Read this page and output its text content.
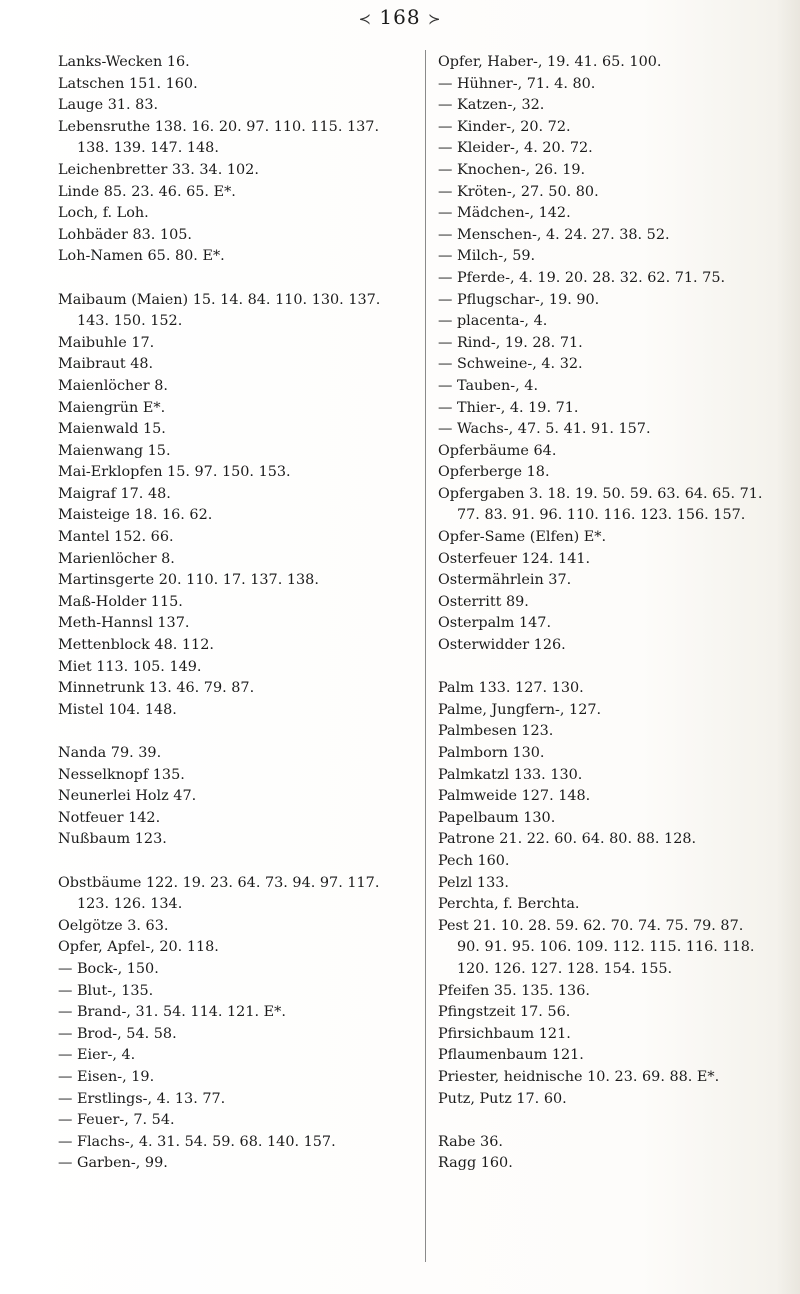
≺ 168 ≻
Lanks-Wecken 16.
Latschen 151. 160.
Lauge 31. 83.
Lebensruthe 138. 16. 20. 97. 110. 115. 137. 138. 139. 147. 148.
Leichenbretter 33. 34. 102.
Linde 85. 23. 46. 65. E*.
Loch, f. Loh.
Lohbäder 83. 105.
Loh-Namen 65. 80. E*.
Maibaum (Maien) 15. 14. 84. 110. 130. 137. 143. 150. 152.
Maibuhle 17.
Maibraut 48.
Maienlöcher 8.
Maiengrün E*.
Maienwald 15.
Maienwang 15.
Mai-Erklopfen 15. 97. 150. 153.
Maigraf 17. 48.
Maisteige 18. 16. 62.
Mantel 152. 66.
Marienlöcher 8.
Martinsgerte 20. 110. 17. 137. 138.
Maß-Holder 115.
Meth-Hannsl 137.
Mettenblock 48. 112.
Miet 113. 105. 149.
Minnetrunk 13. 46. 79. 87.
Mistel 104. 148.
Nanda 79. 39.
Nesselknopf 135.
Neunerlei Holz 47.
Notfeuer 142.
Nußbaum 123.
Obstbäume 122. 19. 23. 64. 73. 94. 97. 117. 123. 126. 134.
Oelgötze 3. 63.
Opfer, Apfel-, 20. 118.
— Bock-, 150.
— Blut-, 135.
— Brand-, 31. 54. 114. 121. E*.
— Brod-, 54. 58.
— Eier-, 4.
— Eisen-, 19.
— Erstlings-, 4. 13. 77.
— Feuer-, 7. 54.
— Flachs-, 4. 31. 54. 59. 68. 140. 157.
— Garben-, 99.
Opfer, Haber-, 19. 41. 65. 100.
— Hühner-, 71. 4. 80.
— Katzen-, 32.
— Kinder-, 20. 72.
— Kleider-, 4. 20. 72.
— Knochen-, 26. 19.
— Kröten-, 27. 50. 80.
— Mädchen-, 142.
— Menschen-, 4. 24. 27. 38. 52.
— Milch-, 59.
— Pferde-, 4. 19. 20. 28. 32. 62. 71. 75.
— Pflugschar-, 19. 90.
— placenta-, 4.
— Rind-, 19. 28. 71.
— Schweine-, 4. 32.
— Tauben-, 4.
— Thier-, 4. 19. 71.
— Wachs-, 47. 5. 41. 91. 157.
Opferbäume 64.
Opferberge 18.
Opfergaben 3. 18. 19. 50. 59. 63. 64. 65. 71. 77. 83. 91. 96. 110. 116. 123. 156. 157.
Opfer-Same (Elfen) E*.
Osterfeuer 124. 141.
Ostermährlein 37.
Osterritt 89.
Osterpalm 147.
Osterwidder 126.
Palm 133. 127. 130.
Palme, Jungfern-, 127.
Palmbesen 123.
Palmborn 130.
Palmkatzl 133. 130.
Palmweide 127. 148.
Papelbaum 130.
Patrone 21. 22. 60. 64. 80. 88. 128.
Pech 160.
Pelzl 133.
Perchta, f. Berchta.
Pest 21. 10. 28. 59. 62. 70. 74. 75. 79. 87. 90. 91. 95. 106. 109. 112. 115. 116. 118. 120. 126. 127. 128. 154. 155.
Pfeifen 35. 135. 136.
Pfingstzeit 17. 56.
Pfirsichbaum 121.
Pflaumenbaum 121.
Priester, heidnische 10. 23. 69. 88. E*.
Putz, Putz 17. 60.
Rabe 36.
Ragg 160.
